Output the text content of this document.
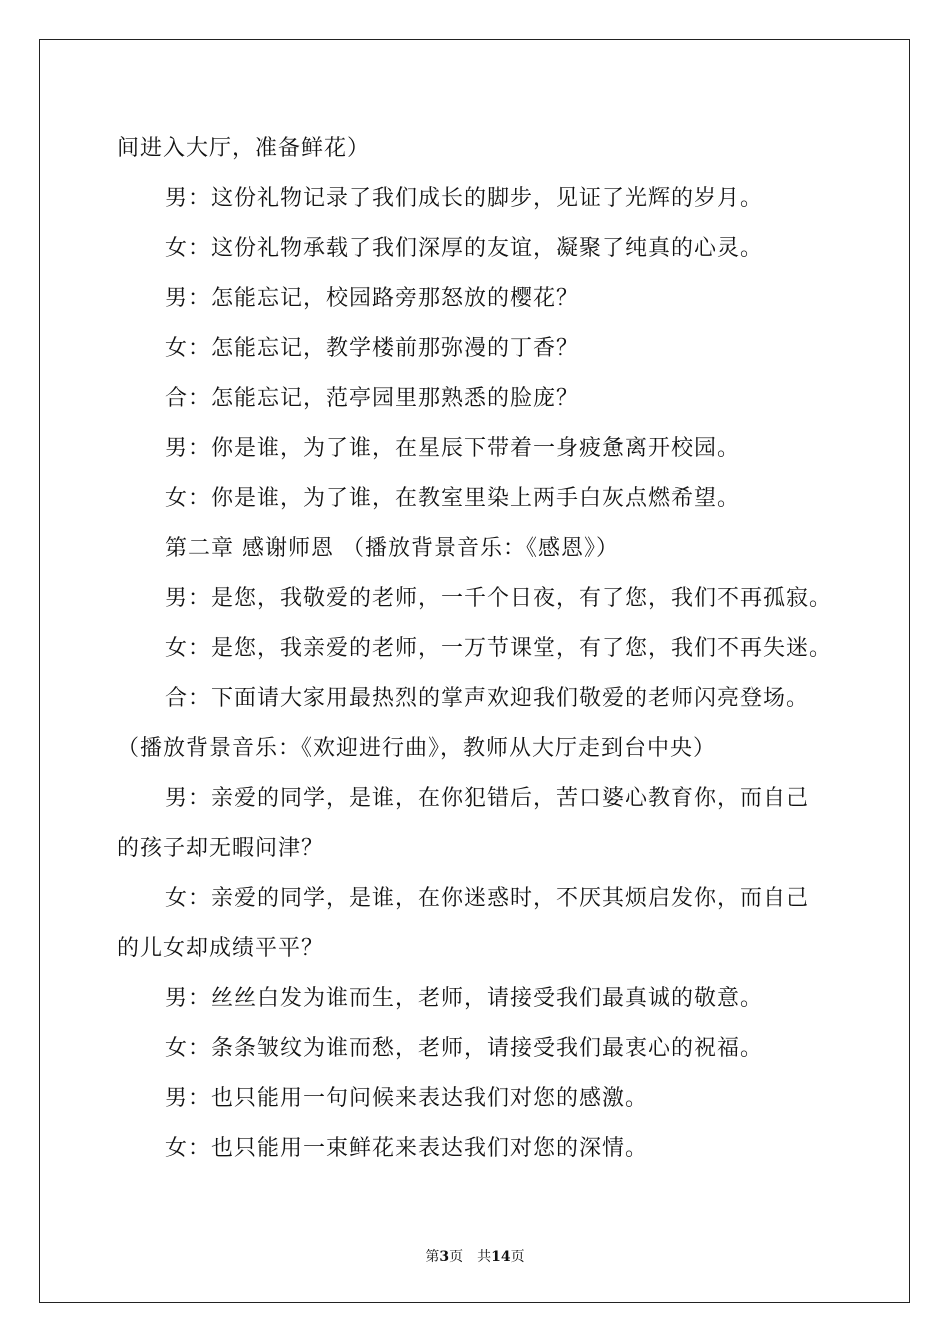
间进入大厅，准备鲜花）
男：这份礼物记录了我们成长的脚步，见证了光辉的岁月。
女：这份礼物承载了我们深厚的友谊，凝聚了纯真的心灵。
男：怎能忘记，校园路旁那怒放的樱花？
女：怎能忘记，教学楼前那弥漫的丁香？
合：怎能忘记，范亭园里那熟悉的脸庞？
男：你是谁，为了谁，在星辰下带着一身疲惫离开校园。
女：你是谁，为了谁，在教室里染上两手白灰点燃希望。
第二章 感谢师恩 （播放背景音乐：《感恩》）
男：是您，我敬爱的老师，一千个日夜，有了您，我们不再孤寂。
女：是您，我亲爱的老师，一万节课堂，有了您，我们不再失迷。
合：下面请大家用最热烈的掌声欢迎我们敬爱的老师闪亮登场。
（播放背景音乐：《欢迎进行曲》，教师从大厅走到台中央）
男：亲爱的同学，是谁，在你犯错后，苦口婆心教育你，而自己
的孩子却无暇问津？
女：亲爱的同学，是谁，在你迷惑时，不厌其烦启发你，而自己
的儿女却成绩平平？
男：丝丝白发为谁而生，老师，请接受我们最真诚的敬意。
女：条条皱纹为谁而愁，老师，请接受我们最衷心的祝福。
男：也只能用一句问候来表达我们对您的感激。
女：也只能用一束鲜花来表达我们对您的深情。
第3页 共14页
